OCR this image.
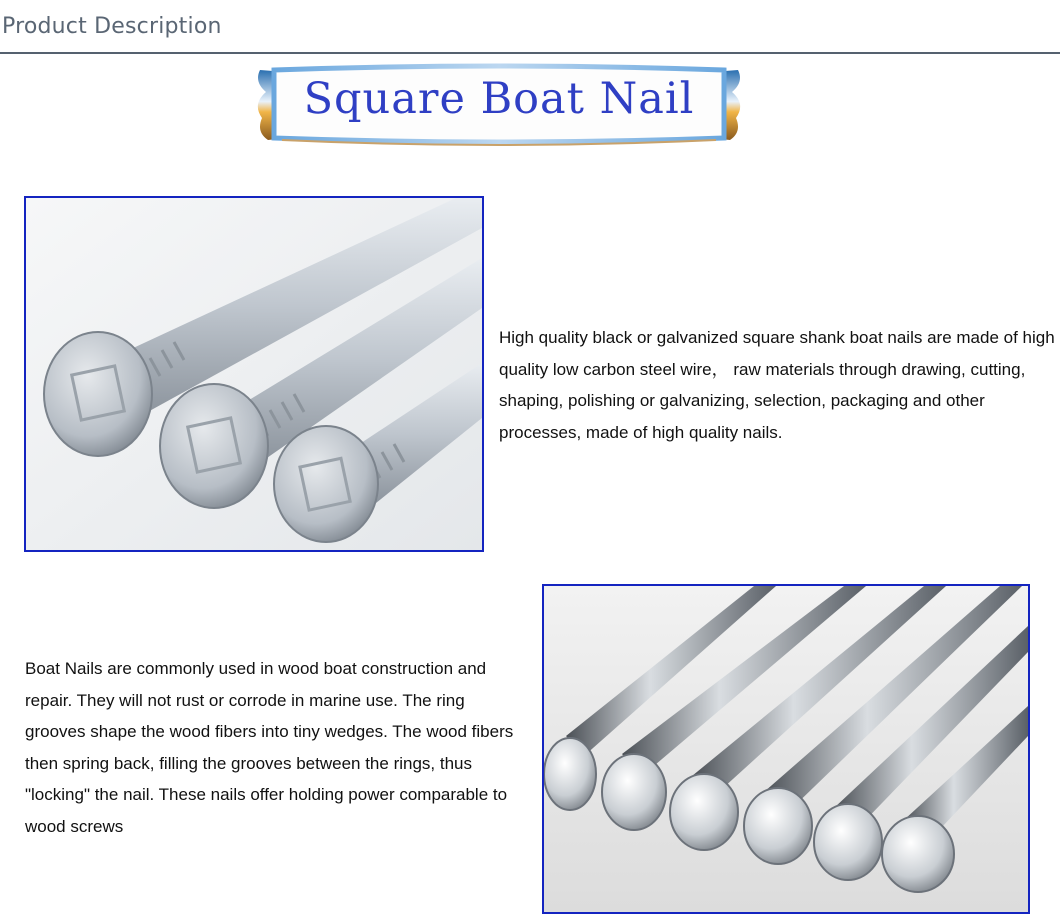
Product Description
Square Boat Nail
High quality black or galvanized square shank boat nails are made of high quality low carbon steel wire， raw materials through drawing, cutting, shaping, polishing or galvanizing, selection, packaging and other processes, made of high quality nails.
Boat Nails are commonly used in wood boat construction and repair. They will not rust or corrode in marine use. The ring grooves shape the wood fibers into tiny wedges. The wood fibers then spring back, filling the grooves between the rings, thus "locking" the nail. These nails offer holding power comparable to wood screws
